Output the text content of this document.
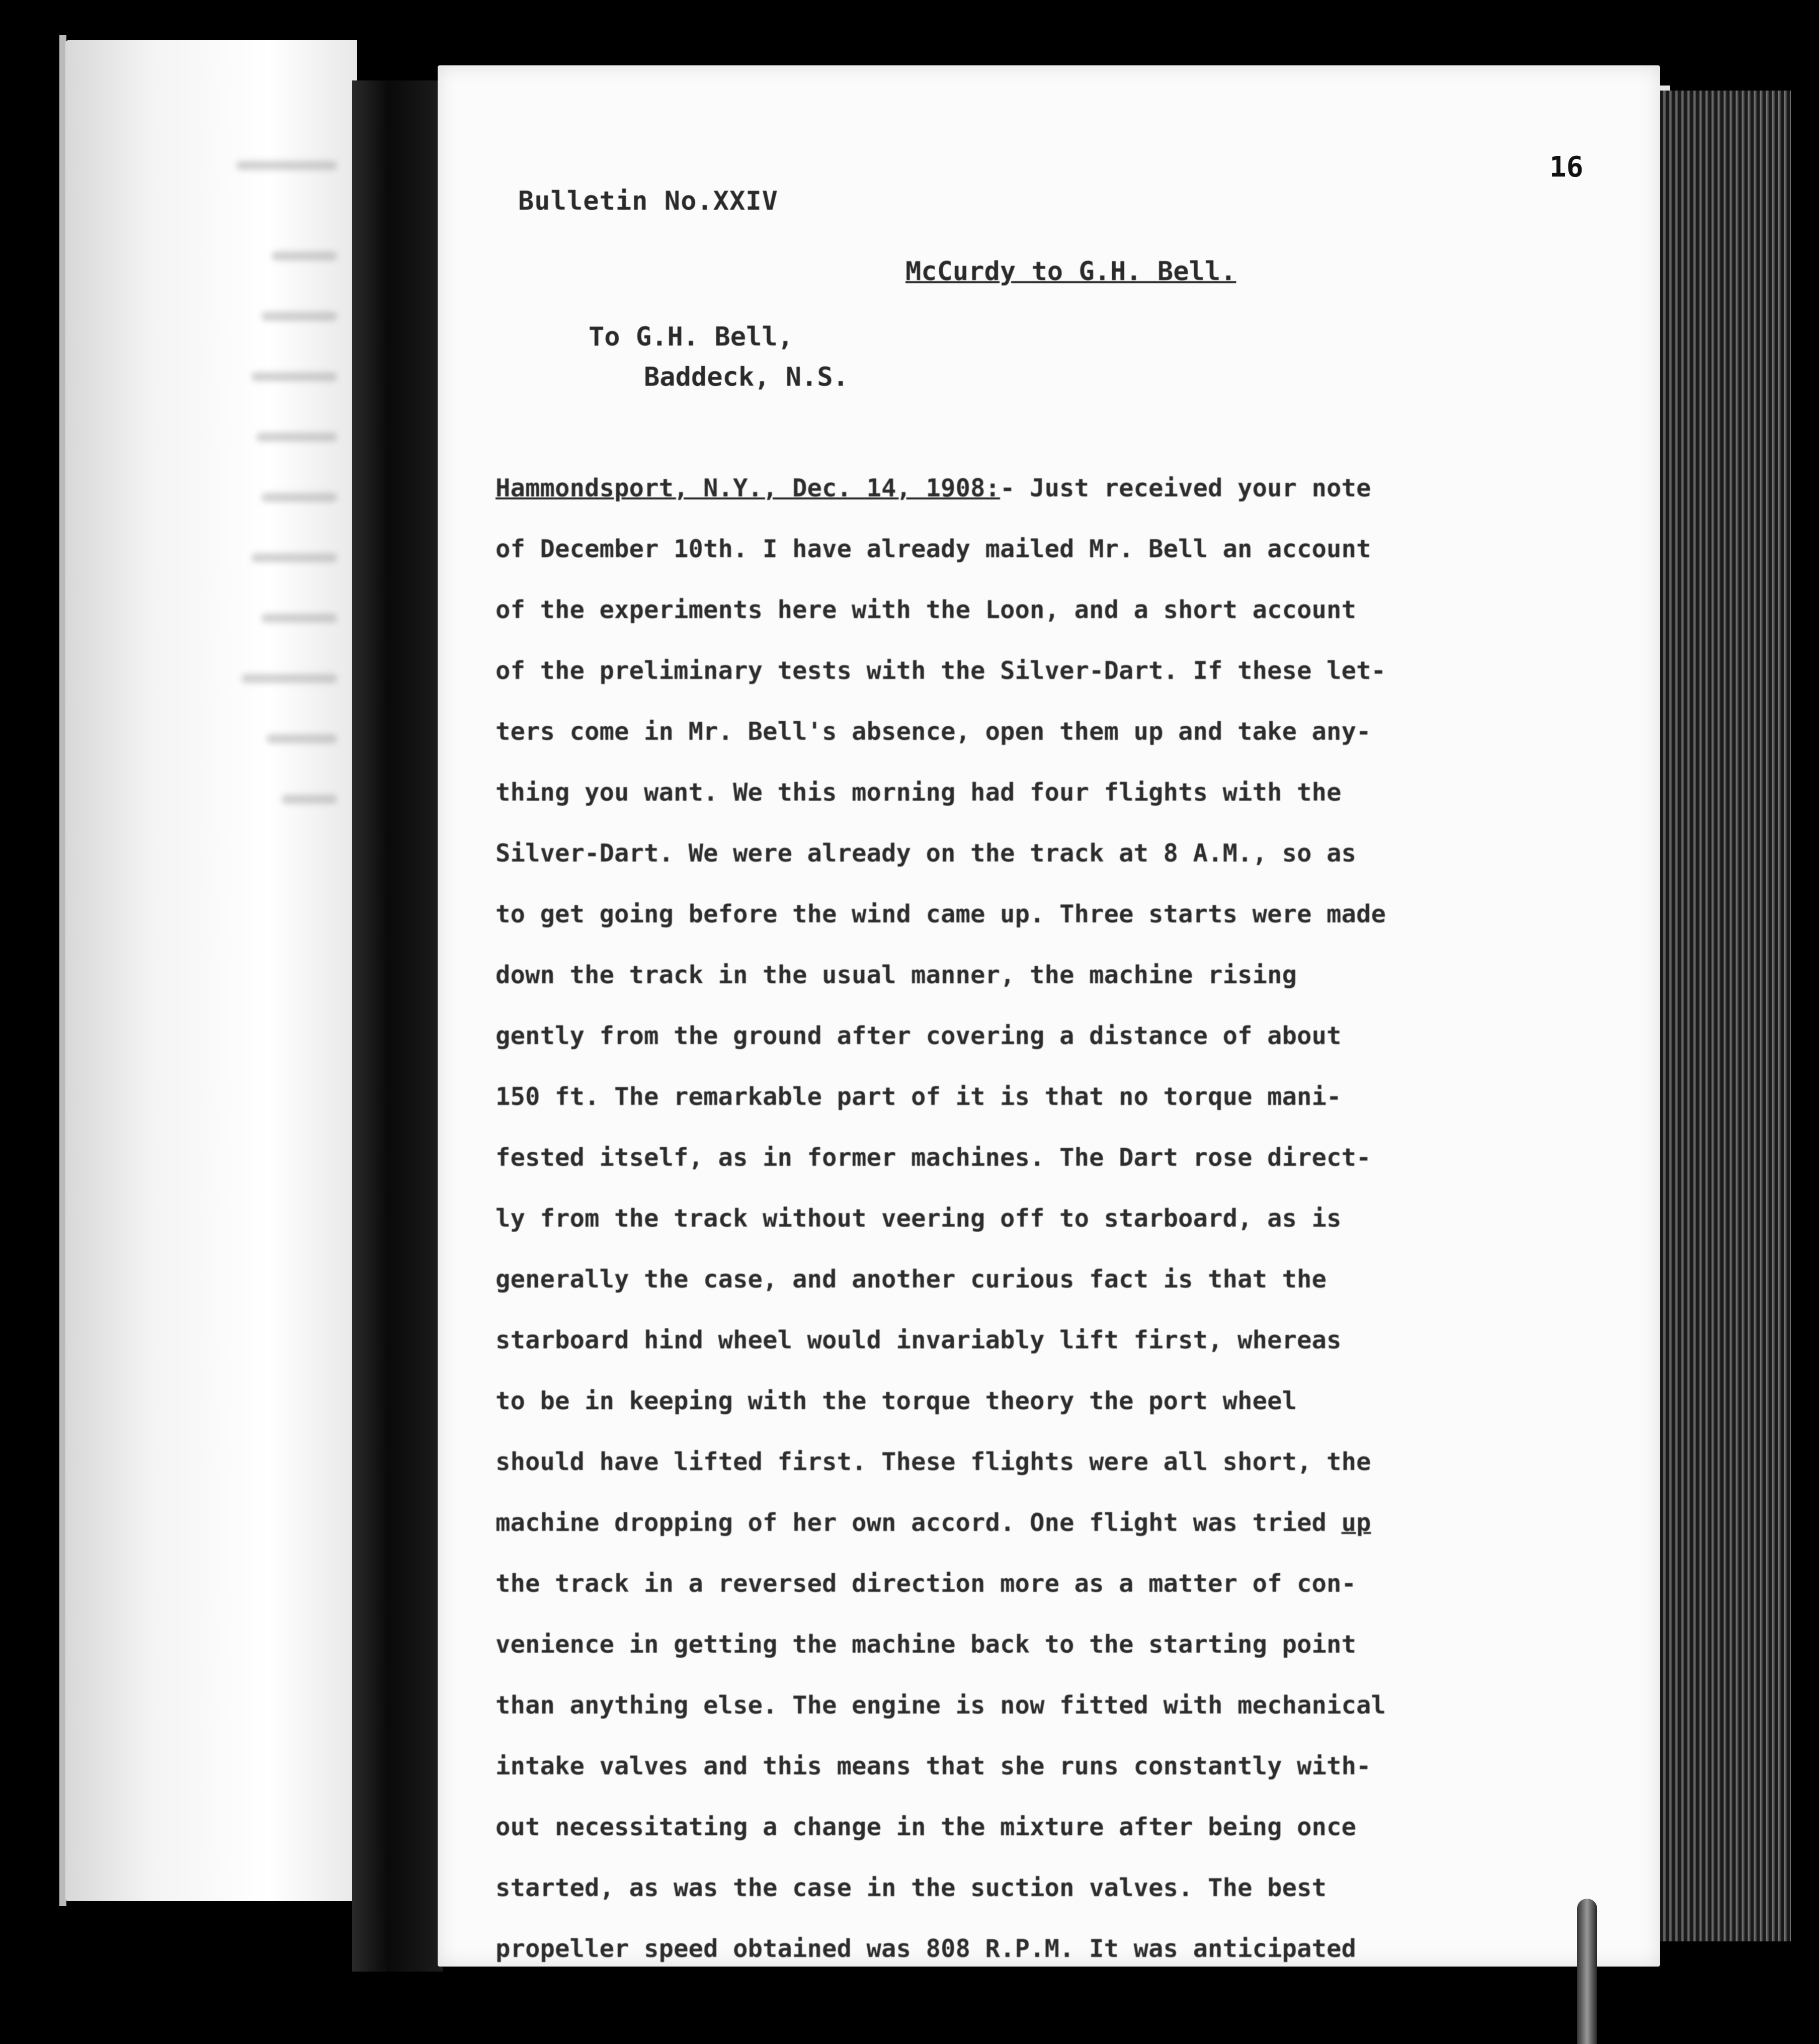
16
Bulletin No.XXIV
McCurdy to G.H. Bell.
To G.H. Bell,
Baddeck, N.S.
Hammondsport, N.Y., Dec. 14, 1908:- Just received your note
of December 10th. I have already mailed Mr. Bell an account
of the experiments here with the Loon, and a short account
of the preliminary tests with the Silver-Dart. If these let-
ters come in Mr. Bell's absence, open them up and take any-
thing you want. We this morning had four flights with the
Silver-Dart. We were already on the track at 8 A.M., so as
to get going before the wind came up. Three starts were made
down the track in the usual manner, the machine rising
gently from the ground after covering a distance of about
150 ft. The remarkable part of it is that no torque mani-
fested itself, as in former machines. The Dart rose direct-
ly from the track without veering off to starboard, as is
generally the case, and another curious fact is that the
starboard hind wheel would invariably lift first, whereas
to be in keeping with the torque theory the port wheel
should have lifted first. These flights were all short, the
machine dropping of her own accord. One flight was tried up
the track in a reversed direction more as a matter of con-
venience in getting the machine back to the starting point
than anything else. The engine is now fitted with mechanical
intake valves and this means that she runs constantly with-
out necessitating a change in the mixture after being once
started, as was the case in the suction valves. The best
propeller speed obtained was 808 R.P.M. It was anticipated
